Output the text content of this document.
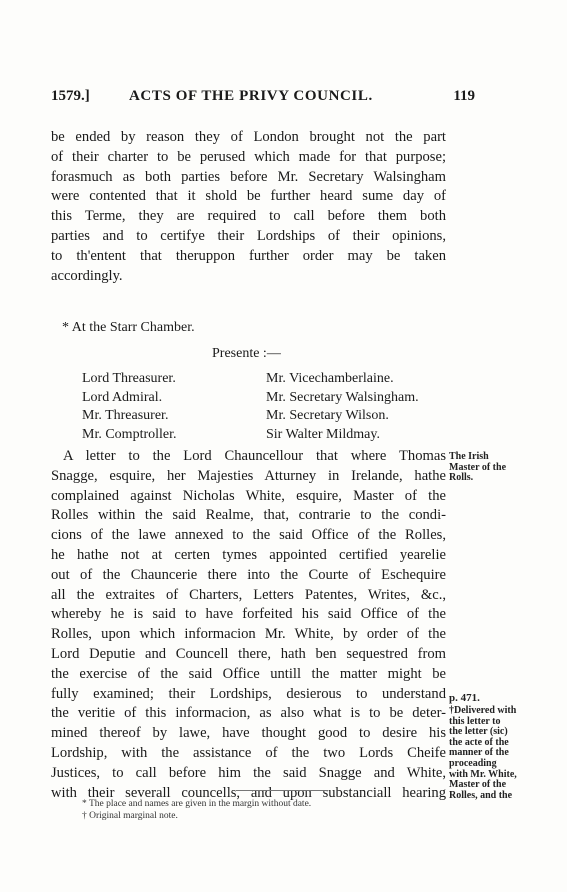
1579.]	ACTS OF THE PRIVY COUNCIL.	119
be ended by reason they of London brought not the part
of their charter to be perused which made for that purpose;
forasmuch as both parties before Mr. Secretary Walsingham
were contented that it shold be further heard sume day of
this Terme, they are required to call before them both
parties and to certifye their Lordships of their opinions,
to th'entent that theruppon further order may be taken
accordingly.
* At the Starr Chamber.
Presente :—
Lord Threasurer.	Mr. Vicechamberlaine.
Lord Admiral.	Mr. Secretary Walsingham.
Mr. Threasurer.	Mr. Secretary Wilson.
Mr. Comptroller.	Sir Walter Mildmay.
A letter to the Lord Chauncellour that where Thomas
Snagge, esquire, her Majesties Atturney in Irelande, hathe
complained against Nicholas White, esquire, Master of the
Rolles within the said Realme, that, contrarie to the condi-
cions of the lawe annexed to the said Office of the Rolles,
he hathe not at certen tymes appointed certified yearelie
out of the Chauncerie there into the Courte of Eschequire
all the extraites of Charters, Letters Patentes, Writes, &c.,
whereby he is said to have forfeited his said Office of the
Rolles, upon which informacion Mr. White, by order of the
Lord Deputie and Councell there, hath ben sequestred from
the exercise of the said Office untill the matter might be
fully examined; their Lordships, desierous to understand
the veritie of this informacion, as also what is to be deter-
mined thereof by lawe, have thought good to desire his
Lordship, with the assistance of the two Lords Cheife
Justices, to call before him the said Snagge and White,
with their severall councells, and upon substanciall hearing
The Irish
Master of the
Rolls.
p. 471.
†Delivered with
this letter to
the letter (sic)
the acte of the
manner of the
proceading
with Mr. White,
Master of the
Rolles, and the
* The place and names are given in the margin without date.
† Original marginal note.
